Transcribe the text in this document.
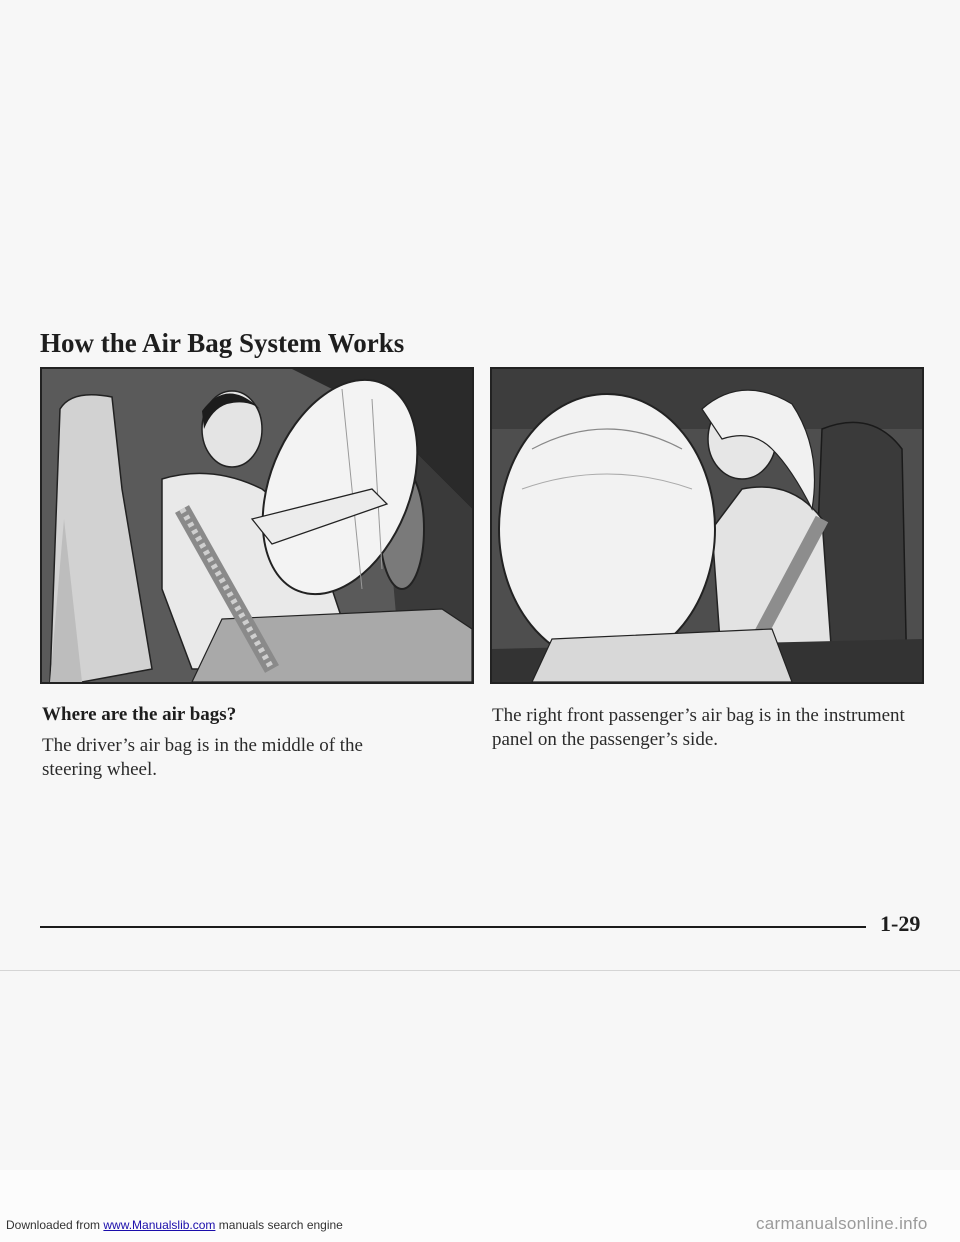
How the Air Bag System Works
Where are the air bags?

The driver’s air bag is in the middle of the steering wheel.

The right front passenger’s air bag is in the instrument panel on the passenger’s side.

1-29

Downloaded from www.Manualslib.com manuals search engine	carmanualsonline.info
